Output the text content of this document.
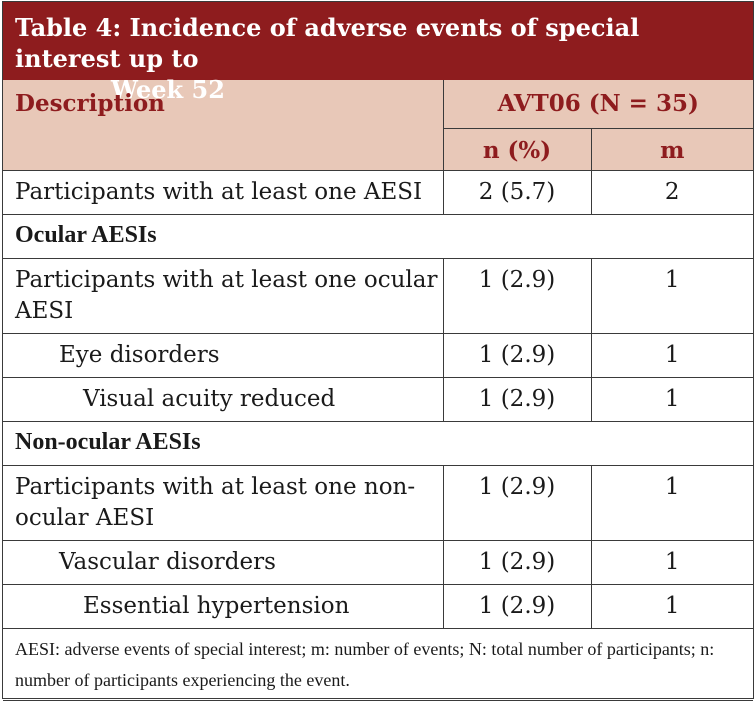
Table 4: Incidence of adverse events of special interest up to
Week 52
Description	AVT06 (N = 35)	
	n (%)	m
Participants with at least one AESI	2 (5.7)	2
Ocular AESIs		
Participants with at least one ocular AESI	1 (2.9)	1
Eye disorders	1 (2.9)	1
Visual acuity reduced	1 (2.9)	1
Non-ocular AESIs		
Participants with at least one non-ocular AESI	1 (2.9)	1
Vascular disorders	1 (2.9)	1
Essential hypertension	1 (2.9)	1
AESI: adverse events of special interest; m: number of events; N: total number of participants; n: number of participants experiencing the event.		
